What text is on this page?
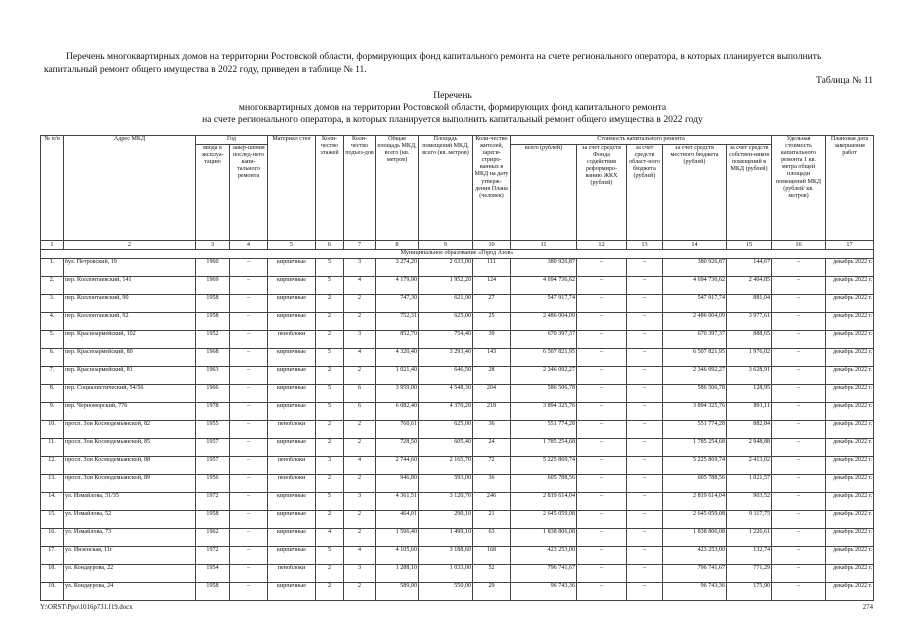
Перечень многоквартирных домов на территории Ростовской области, формирующих фонд капитального ремонта на счете регионального оператора, в которых планируется выполнить капитальный ремонт общего имущества в 2022 году, приведен в таблице № 11.
Таблица № 11
Перечень
многоквартирных домов на территории Ростовской области, формирующих фонд капитального ремонта
на счете регионального оператора, в которых планируется выполнить капитальный ремонт общего имущества в 2022 году
№ п/п	Адрес МКД	Год		Материал стен	Коли-чество этажей	Коли-чество подъез-дов	Общая площадь МКД, всего (кв. метров)	Площадь помещений МКД, всего (кв. метров)	Коли-чество жителей, зареги-стриро-ванных в МКД на дату утверж-дения Плана (человек)	Стоимость капитального ремонта					Удельная стоимость капитального ремонта 1 кв. метра общей площади помещений МКД (рублей/ кв. метров)	Плановая дата завершения работ
		ввода в эксплуа-тацию	завер-шения послед-него капи-тального ремонта							всего (рублей)	за счет средств Фонда содействия реформиро-ванию ЖКХ (рублей)	за счет средств област-ного бюджета (рублей)	за счет средств местного бюджета (рублей)	за счет средств собствен-ников помещений в МКД (рублей)		
1	2	3	4	5	6	7	8	9	10	11	12	13	14	15	16	17
Муниципальное образование «Город Азов»																
1.	бул. Петровский, 19	1960	–	кирпичные	5	3	3 274,20	2 633,00	111	380 926,87	–	–	380 926,87	144,67	–	декабрь 2022 г.
2.	пер. Коллонтаевский, 141	1969	–	кирпичные	5	4	4 179,90	1 952,20	124	4 694 736,62	–	–	4 694 736,62	2 404,85	–	декабрь 2022 г.
3.	пер. Коллонтаевский, 90	1958	–	кирпичные	2	2	747,30	621,90	27	547 917,74	–	–	547 917,74	881,04	–	декабрь 2022 г.
4.	пер. Коллонтаевский, 92	1958	–	кирпичные	2	2	752,31	625,00	25	2 486 004,09	–	–	2 486 004,09	3 977,61	–	декабрь 2022 г.
5.	пер. Красноармейский, 102	1952	–	пеноблоки	2	3	852,70	754,40	39	670 397,37	–	–	670 397,37	888,65	–	декабрь 2022 г.
6.	пер. Красноармейский, 80	1968	–	кирпичные	5	4	4 320,40	3 293,40	143	6 507 821,95	–	–	6 507 821,95	1 976,02	–	декабрь 2022 г.
7.	пер. Красноармейский, 81	1963	–	кирпичные	2	2	1 021,40	646,50	28	2 346 092,27	–	–	2 346 092,27	3 628,91	–	декабрь 2022 г.
8.	пер. Социалистический, 54/56	1966	–	кирпичные	5	6	3 959,00	4 548,30	204	586 506,78	–	–	586 506,78	128,95	–	декабрь 2022 г.
9.	пер. Черноморский, 77б	1978	–	кирпичные	5	6	6 082,40	4 370,20	218	3 894 325,76	–	–	3 894 325,76	891,11	–	декабрь 2022 г.
10.	просп. Зои Космодемьянской, 82	1955	–	пеноблоки	2	2	760,61	625,00	36	551 774,28	–	–	551 774,28	882,84	–	декабрь 2022 г.
11.	просп. Зои Космодемьянской, 85	1957	–	кирпичные	2	2	728,50	605,40	24	1 785 254,68	–	–	1 785 254,68	2 948,88	–	декабрь 2022 г.
12.	просп. Зои Космодемьянской, 88	1957	–	пеноблоки	3	4	2 744,60	2 165,70	72	5 225 869,74	–	–	5 225 869,74	2 413,02	–	декабрь 2022 г.
13.	просп. Зои Космодемьянской, 89	1956	–	пеноблоки	2	2	946,80	593,00	36	605 788,56	–	–	605 788,56	1 021,57	–	декабрь 2022 г.
14.	ул. Измайлова, 31/35	1972	–	кирпичные	5	3	4 361,51	3 120,70	246	2 819 614,04	–	–	2 819 614,04	903,52	–	декабрь 2022 г.
15.	ул. Измайлова, 52	1958	–	кирпичные	2	2	464,01	290,10	21	2 645 059,08	–	–	2 645 059,08	9 117,75	–	декабрь 2022 г.
16.	ул. Измайлова, 73	1962	–	кирпичные	4	2	1 596,40	1 499,10	63	1 838 806,08	–	–	1 838 806,08	1 226,61	–	декабрь 2022 г.
17.	ул. Инзенская, 11г	1972	–	кирпичные	5	4	4 105,60	3 188,60	168	423 253,00	–	–	423 253,00	132,74	–	декабрь 2022 г.
18.	ул. Кондаурова, 22	1954	–	пеноблоки	2	3	1 288,10	1 033,00	52	796 741,67	–	–	796 741,67	771,29	–	декабрь 2022 г.
19.	ул. Кондаурова, 24	1958	–	кирпичные	2	2	589,00	550,00	29	96 743,36	–	–	96 743,36	175,90	–	декабрь 2022 г.
Y:\ORST\Ppo\1016p731.f19.docx	274
